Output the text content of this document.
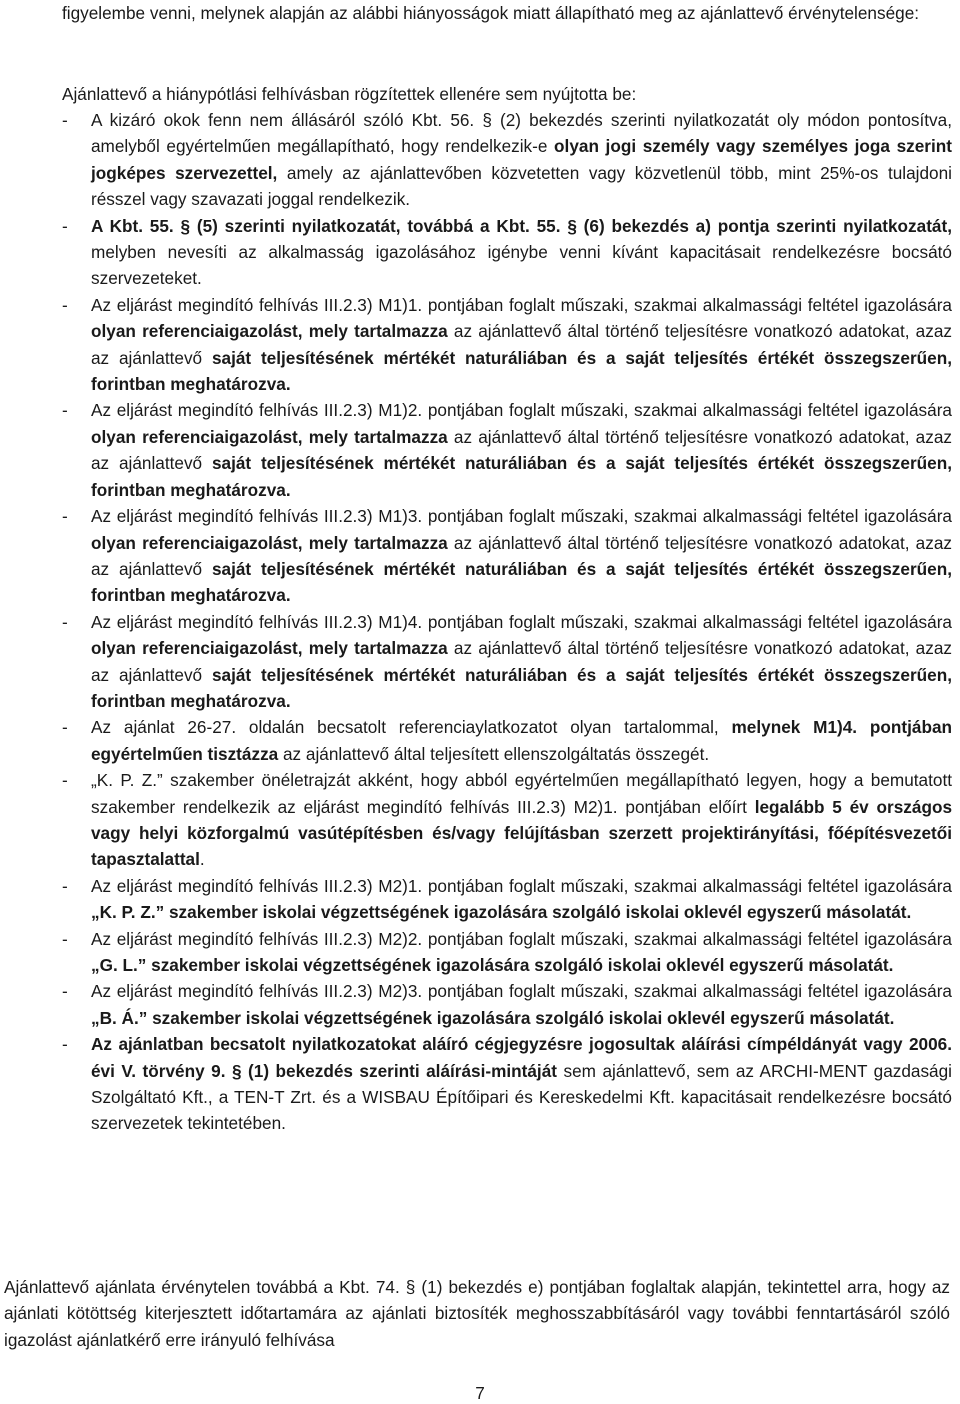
figyelembe venni, melynek alapján az alábbi hiányosságok miatt állapítható meg az ajánlattevő érvénytelensége:

Ajánlattevő a hiánypótlási felhívásban rögzítettek ellenére sem nyújtotta be:

- A kizáró okok fenn nem állásáról szóló Kbt. 56. § (2) bekezdés szerinti nyilatkozatát oly módon pontosítva, amelyből egyértelműen megállapítható, hogy rendelkezik-e olyan jogi személy vagy személyes joga szerint jogképes szervezettel, amely az ajánlattevőben közvetetten vagy közvetlenül több, mint 25%-os tulajdoni résszel vagy szavazati joggal rendelkezik.
- A Kbt. 55. § (5) szerinti nyilatkozatát, továbbá a Kbt. 55. § (6) bekezdés a) pontja szerinti nyilatkozatát, melyben nevesíti az alkalmasság igazolásához igénybe venni kívánt kapacitásait rendelkezésre bocsátó szervezeteket.
- Az eljárást megindító felhívás III.2.3) M1)1. pontjában foglalt műszaki, szakmai alkalmassági feltétel igazolására olyan referenciaigazolást, mely tartalmazza az ajánlattevő által történő teljesítésre vonatkozó adatokat, azaz az ajánlattevő saját teljesítésének mértékét naturáliában és a saját teljesítés értékét összegszerűen, forintban meghatározva.
- Az eljárást megindító felhívás III.2.3) M1)2. pontjában foglalt műszaki, szakmai alkalmassági feltétel igazolására olyan referenciaigazolást, mely tartalmazza az ajánlattevő által történő teljesítésre vonatkozó adatokat, azaz az ajánlattevő saját teljesítésének mértékét naturáliában és a saját teljesítés értékét összegszerűen, forintban meghatározva.
- Az eljárást megindító felhívás III.2.3) M1)3. pontjában foglalt műszaki, szakmai alkalmassági feltétel igazolására olyan referenciaigazolást, mely tartalmazza az ajánlattevő által történő teljesítésre vonatkozó adatokat, azaz az ajánlattevő saját teljesítésének mértékét naturáliában és a saját teljesítés értékét összegszerűen, forintban meghatározva.
- Az eljárást megindító felhívás III.2.3) M1)4. pontjában foglalt műszaki, szakmai alkalmassági feltétel igazolására olyan referenciaigazolást, mely tartalmazza az ajánlattevő által történő teljesítésre vonatkozó adatokat, azaz az ajánlattevő saját teljesítésének mértékét naturáliában és a saját teljesítés értékét összegszerűen, forintban meghatározva.
- Az ajánlat 26-27. oldalán becsatolt referenciaylatkozatot olyan tartalommal, melynek M1)4. pontjában egyértelműen tisztázza az ajánlattevő által teljesített ellenszolgáltatás összegét.
- „K. P. Z.” szakember önéletrajzát akként, hogy abból egyértelműen megállapítható legyen, hogy a bemutatott szakember rendelkezik az eljárást megindító felhívás III.2.3) M2)1. pontjában előírt legalább 5 év országos vagy helyi közforgalmú vasútépítésben és/vagy felújításban szerzett projektirányítási, főépítésvezetői tapasztalattal.
- Az eljárást megindító felhívás III.2.3) M2)1. pontjában foglalt műszaki, szakmai alkalmassági feltétel igazolására „K. P. Z.” szakember iskolai végzettségének igazolására szolgáló iskolai oklevél egyszerű másolatát.
- Az eljárást megindító felhívás III.2.3) M2)2. pontjában foglalt műszaki, szakmai alkalmassági feltétel igazolására „G. L.” szakember iskolai végzettségének igazolására szolgáló iskolai oklevél egyszerű másolatát.
- Az eljárást megindító felhívás III.2.3) M2)3. pontjában foglalt műszaki, szakmai alkalmassági feltétel igazolására „B. Á.” szakember iskolai végzettségének igazolására szolgáló iskolai oklevél egyszerű másolatát.
- Az ajánlatban becsatolt nyilatkozatokat aláíró cégjegyzésre jogosultak aláírási címpéldányát vagy 2006. évi V. törvény 9. § (1) bekezdés szerinti aláírási-mintáját sem ajánlattevő, sem az ARCHI-MENT gazdasági Szolgáltató Kft., a TEN-T Zrt. és a WISBAU Építőipari és Kereskedelmi Kft. kapacitásait rendelkezésre bocsátó szervezetek tekintetében.

Ajánlattevő ajánlata érvénytelen továbbá a Kbt. 74. § (1) bekezdés e) pontjában foglaltak alapján, tekintettel arra, hogy az ajánlati kötöttség kiterjesztett időtartamára az ajánlati biztosíték meghosszabbításáról vagy további fenntartásáról szóló igazolást ajánlatkérő erre irányuló felhívása

7
